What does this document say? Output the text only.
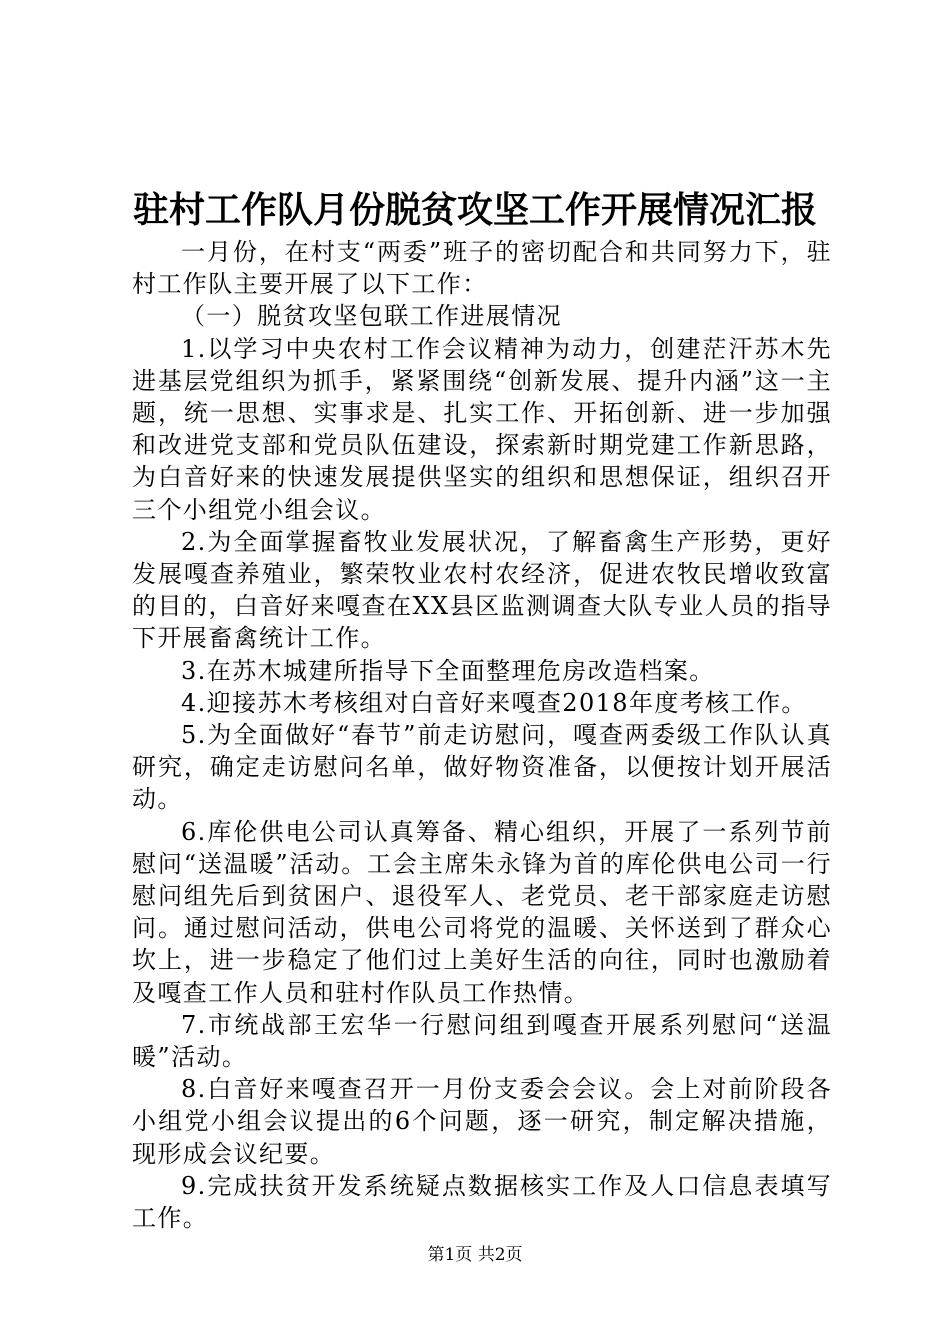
驻村工作队月份脱贫攻坚工作开展情况汇报

一月份，在村支“两委”班子的密切配合和共同努力下，驻村工作队主要开展了以下工作：

（一）脱贫攻坚包联工作进展情况

1.以学习中央农村工作会议精神为动力，创建茫汗苏木先进基层党组织为抓手，紧紧围绕“创新发展、提升内涵”这一主题，统一思想、实事求是、扎实工作、开拓创新、进一步加强和改进党支部和党员队伍建设，探索新时期党建工作新思路，为白音好来的快速发展提供坚实的组织和思想保证，组织召开三个小组党小组会议。

2.为全面掌握畜牧业发展状况，了解畜禽生产形势，更好发展嘎查养殖业，繁荣牧业农村农经济，促进农牧民增收致富的目的，白音好来嘎查在XX县区监测调查大队专业人员的指导下开展畜禽统计工作。

3.在苏木城建所指导下全面整理危房改造档案。

4.迎接苏木考核组对白音好来嘎查2018年度考核工作。

5.为全面做好“春节”前走访慰问，嘎查两委级工作队认真研究，确定走访慰问名单，做好物资准备，以便按计划开展活动。

6.库伦供电公司认真筹备、精心组织，开展了一系列节前慰问“送温暖”活动。工会主席朱永锋为首的库伦供电公司一行慰问组先后到贫困户、退役军人、老党员、老干部家庭走访慰问。通过慰问活动，供电公司将党的温暖、关怀送到了群众心坎上，进一步稳定了他们过上美好生活的向往，同时也激励着及嘎查工作人员和驻村作队员工作热情。

7.市统战部王宏华一行慰问组到嘎查开展系列慰问“送温暖”活动。

8.白音好来嘎查召开一月份支委会会议。会上对前阶段各小组党小组会议提出的6个问题，逐一研究，制定解决措施，现形成会议纪要。

9.完成扶贫开发系统疑点数据核实工作及人口信息表填写工作。

第1页 共2页
